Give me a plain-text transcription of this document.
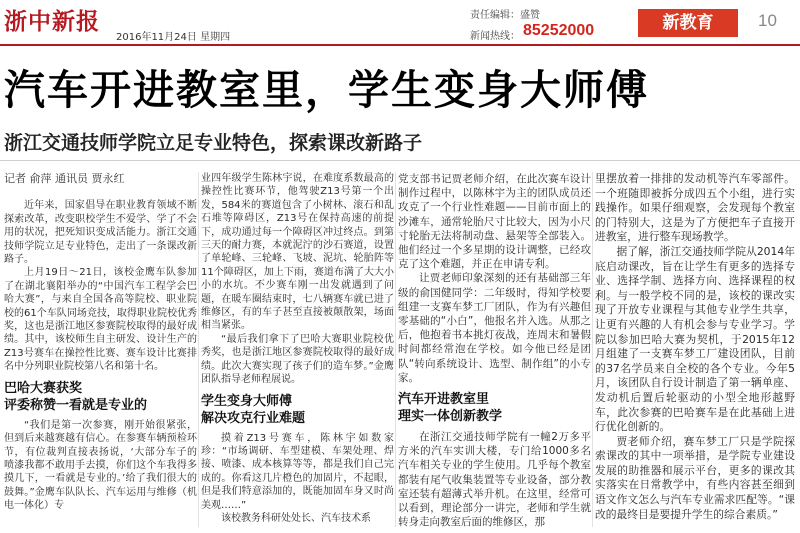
浙中新报
2016年11月24日 星期四
责任编辑：盛赞
新闻热线： 85252000	新教育	10
汽车开进教室里，学生变身大师傅
浙江交通技师学院立足专业特色，探索课改新路子
记者 俞萍 通讯员 贾永红

近年来，国家倡导在职业教育领域不断探索改革，改变职校学生不爱学、学了不会用的状况，把死知识变成活能力。浙江交通技师学院立足专业特色，走出了一条课改新路子。

上月19日～21日，该校金鹰车队参加了在湖北襄阳举办的“中国汽车工程学会巴哈大赛”，与来自全国各高等院校、职业院校的61个车队同场竞技，取得职业院校优秀奖，这也是浙江地区参赛院校取得的最好成绩。其中，该校师生自主研发、设计生产的Z13号赛车在操控性比赛、赛车设计比赛排名中分列职业院校第八名和第十名。

巴哈大赛获奖
评委称赞一看就是专业的

“我们是第一次参赛，刚开始很紧张，但到后来越赛越有信心。在参赛车辆预检环节，有位裁判直接表扬说，‘大部分车子的喷漆我都不敢用手去摸，你们这个车我得多摸几下，一看就是专业的。’给了我们很大的鼓舞。”金鹰车队队长、汽车运用与维修（机电一体化）专

业四年级学生陈林宇说，在难度系数最高的操控性比赛环节，他驾驶Z13号第一个出发，584米的赛道包含了小树林、滚石和乱石堆等障碍区，Z13号在保持高速的前提下，成功通过每一个障碍区冲过终点。到第三天的耐力赛，本就泥泞的沙石赛道，设置了单轮峰、三轮峰、飞坡、泥坑、轮胎阵等11个障碍区，加上下雨，赛道布满了大大小小的水坑。不少赛车刚一出发就遇到了问题，在暖车圈结束时，七八辆赛车就已进了维修区，有的车子甚至直接被颠散架，场面相当紧张。

“最后我们拿下了巴哈大赛职业院校优秀奖，也是浙江地区参赛院校取得的最好成绩。此次大赛实现了孩子们的造车梦。”金鹰团队指导老师程展说。

学生变身大师傅
解决攻克行业难题

摸着Z13号赛车，陈林宇如数家珍：“市场调研、车型建模、车架处理、焊接、喷漆、成本核算等等，都是我们自己完成的。你看这几片橙色的加固片，不起眼，但是我们特意添加的，既能加固车身又时尚美观……”

该校教务科研处处长、汽车技术系

党支部书记贾老师介绍，在此次赛车设计制作过程中，以陈林宇为主的团队成员还攻克了一个行业性难题——目前市面上的沙滩车，通常轮胎尺寸比较大，因为小尺寸轮胎无法将制动盘、悬架等全部装入。他们经过一个多星期的设计调整，已经攻克了这个难题，并正在申请专利。

让贾老师印象深刻的还有基础部三年级的俞国健同学：二年级时，得知学校要组建一支赛车梦工厂团队，作为有兴趣但零基础的“小白”，他报名并入选。从那之后，他抱着书本挑灯夜战，连周末和暑假时间都经常泡在学校。如今他已经是团队“转向系统设计、选型、制作组”的小专家。

汽车开进教室里
理实一体创新教学

在浙江交通技师学院有一幢2万多平方米的汽车实训大楼，专门给1000多名汽车相关专业的学生使用。几乎每个教室都装有尾气收集装置等专业设备，部分教室还装有超薄式举升机。在这里，经常可以看到，理论部分一讲完，老师和学生就转身走向教室后面的维修区，那

里摆放着一排排的发动机等汽车零部件。一个班随即被拆分成四五个小组，进行实践操作。如果仔细观察，会发现每个教室的门特别大，这是为了方便把车子直接开进教室，进行整车现场教学。

据了解，浙江交通技师学院从2014年底启动课改，旨在让学生有更多的选择专业、选择学制、选择方向、选择课程的权利。与一般学校不同的是，该校的课改实现了开放专业课程与其他专业学生共享，让更有兴趣的人有机会参与专业学习。学院以参加巴哈大赛为契机，于2015年12月组建了一支赛车梦工厂建设团队，目前的37名学员来自全校的各个专业。今年5月，该团队自行设计制造了第一辆单座、发动机后置后轮驱动的小型全地形越野车，此次参赛的巴哈赛车是在此基础上进行优化创新的。

贾老师介绍，赛车梦工厂只是学院探索课改的其中一项举措，是学院专业建设发展的助推器和展示平台，更多的课改其实落实在日常教学中，有些内容甚至细到语文作文怎么与汽车专业需求匹配等。“课改的最终目是要提升学生的综合素质。”
